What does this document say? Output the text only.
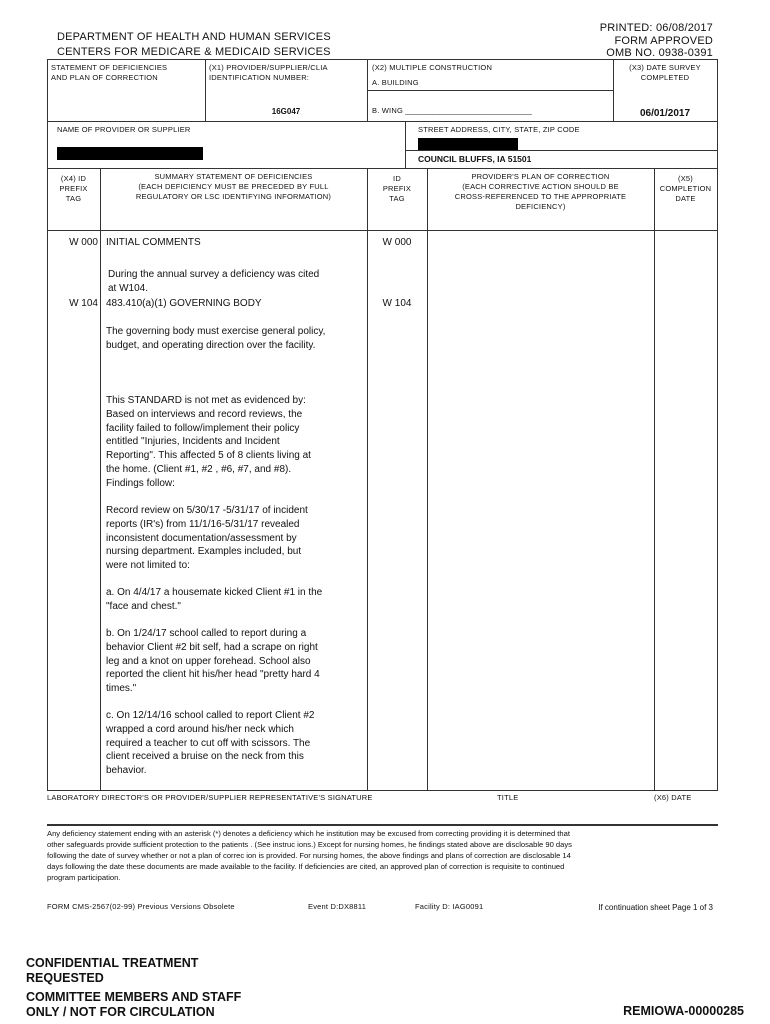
PRINTED: 06/08/2017
FORM APPROVED
OMB NO. 0938-0391
DEPARTMENT OF HEALTH AND HUMAN SERVICES
CENTERS FOR MEDICARE & MEDICAID SERVICES
STATEMENT OF DEFICIENCIES
AND PLAN OF CORRECTION
(X1) PROVIDER/SUPPLIER/CLIA
IDENTIFICATION NUMBER:
16G047
(X2) MULTIPLE CONSTRUCTION
A. BUILDING
B. WING _____________________________
(X3) DATE SURVEY
COMPLETED
06/01/2017
NAME OF PROVIDER OR SUPPLIER	STREET ADDRESS, CITY, STATE, ZIP CODE
COUNCIL BLUFFS, IA 51501
(X4) ID
PREFIX
TAG
SUMMARY STATEMENT OF DEFICIENCIES
(EACH DEFICIENCY MUST BE PRECEDED BY FULL
REGULATORY OR LSC IDENTIFYING INFORMATION)
ID
PREFIX
TAG
PROVIDER'S PLAN OF CORRECTION
(EACH CORRECTIVE ACTION SHOULD BE
CROSS-REFERENCED TO THE APPROPRIATE
DEFICIENCY)
(X5)
COMPLETION
DATE
W 000 INITIAL COMMENTS	W 000
During the annual survey a deficiency was cited
at W104.
W 104 483.410(a)(1) GOVERNING BODY	W 104
The governing body must exercise general policy,
budget, and operating direction over the facility.
This STANDARD is not met as evidenced by:
Based on interviews and record reviews, the
facility failed to follow/implement their policy
entitled "Injuries, Incidents and Incident
Reporting". This affected 5 of 8 clients living at
the home. (Client #1, #2 , #6, #7, and #8).
Findings follow:
Record review on 5/30/17 -5/31/17 of incident
reports (IR's) from 11/1/16-5/31/17 revealed
inconsistent documentation/assessment by
nursing department. Examples included, but
were not limited to:
a. On 4/4/17 a housemate kicked Client #1 in the
"face and chest."
b. On 1/24/17 school called to report during a
behavior Client #2 bit self, had a scrape on right
leg and a knot on upper forehead. School also
reported the client hit his/her head "pretty hard 4
times."
c. On 12/14/16 school called to report Client #2
wrapped a cord around his/her neck which
required a teacher to cut off with scissors. The
client received a bruise on the neck from this
behavior.
LABORATORY DIRECTOR'S OR PROVIDER/SUPPLIER REPRESENTATIVE'S SIGNATURE	TITLE	(X6) DATE
Any deficiency statement ending with an asterisk (*) denotes a deficiency which he institution may be excused from correcting providing it is determined that
other safeguards provide sufficient protection to the patients . (See instruc ions.) Except for nursing homes, he findings stated above are disclosable 90 days
following the date of survey whether or not a plan of correc ion is provided. For nursing homes, the above findings and plans of correction are disclosable 14
days following the date these documents are made available to the facility. If deficiencies are cited, an approved plan of correction is requisite to continued
program participation.
FORM CMS-2567(02-99) Previous Versions Obsolete	Event D:DX8811	Facility D: IAG0091	If continuation sheet Page 1 of 3
CONFIDENTIAL TREATMENT
REQUESTED
COMMITTEE MEMBERS AND STAFF
ONLY / NOT FOR CIRCULATION	REMIOWA-00000285
